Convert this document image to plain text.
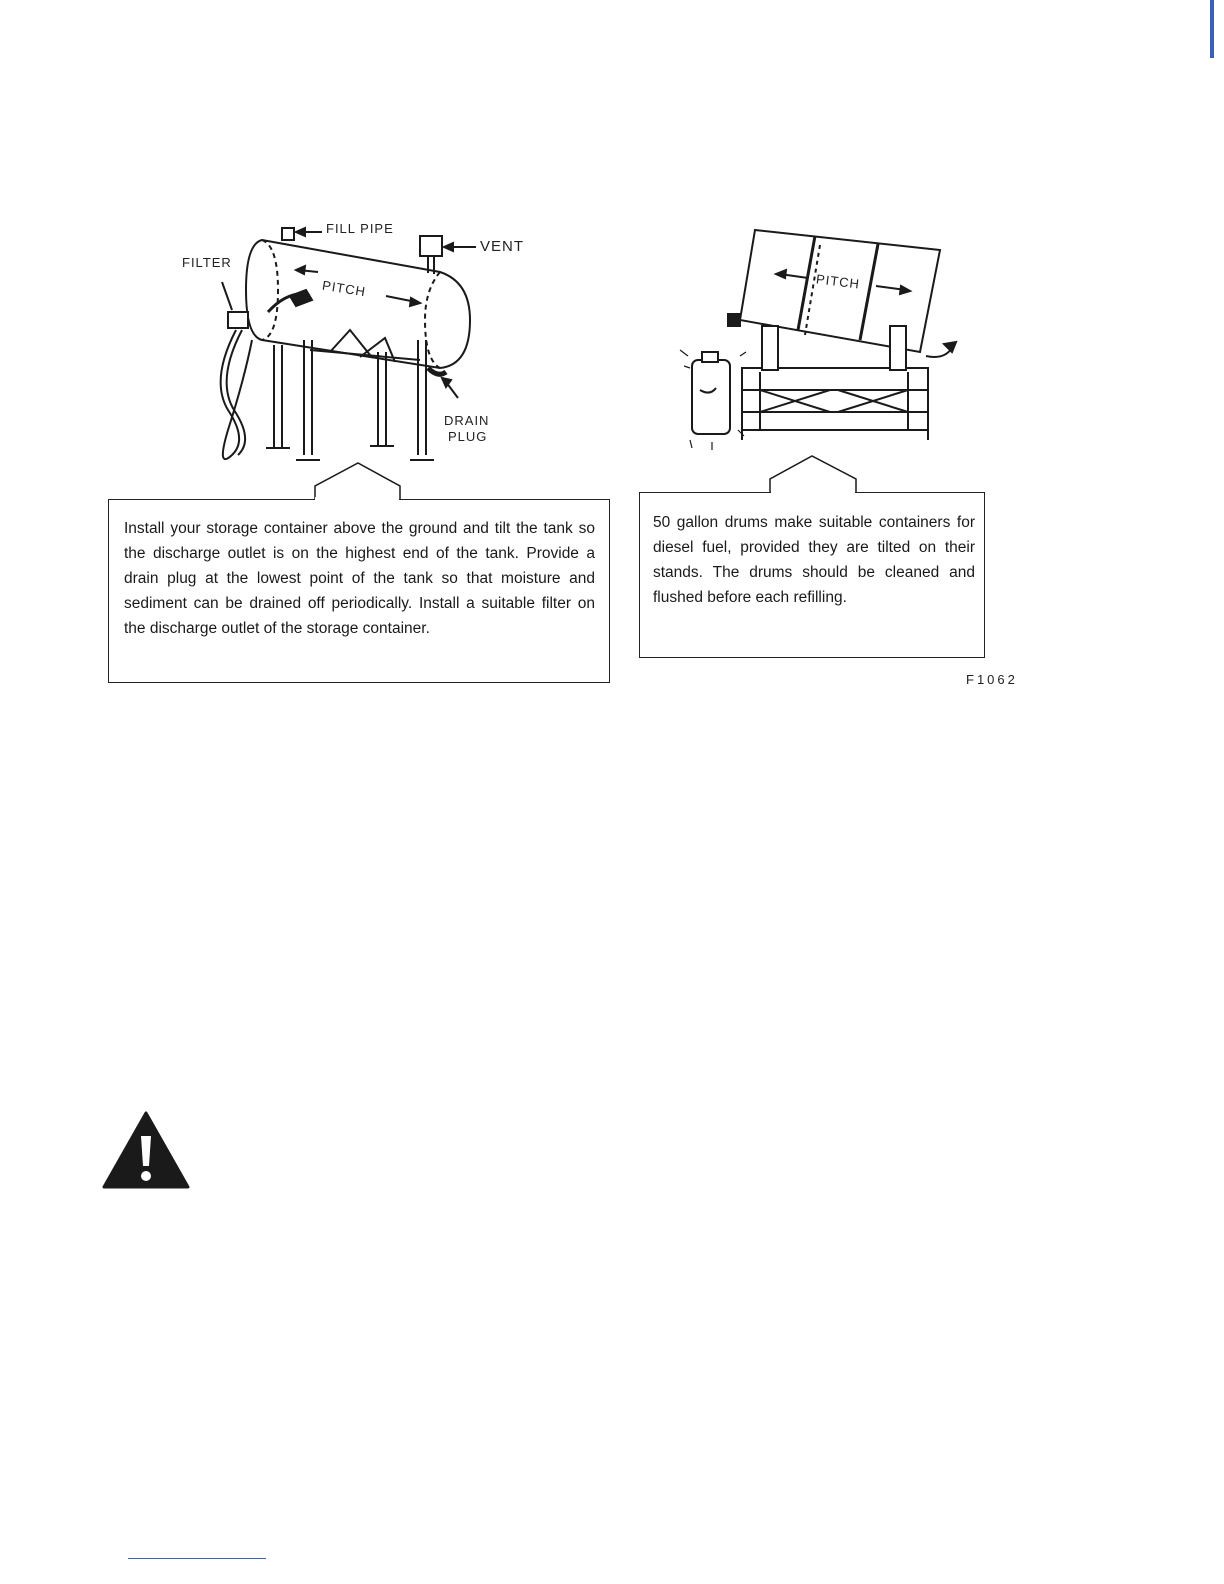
FILL PIPE
VENT
FILTER
PITCH
DRAIN
PLUG
PITCH

Install your storage container above the ground and tilt the tank so the discharge outlet is on the highest end of the tank. Provide a drain plug at the lowest point of the tank so that moisture and sediment can be drained off periodically. Install a suitable filter on the discharge outlet of the storage container.

50 gallon drums make suitable containers for diesel fuel, provided they are tilted on their stands. The drums should be cleaned and flushed before each refilling.

F1062
